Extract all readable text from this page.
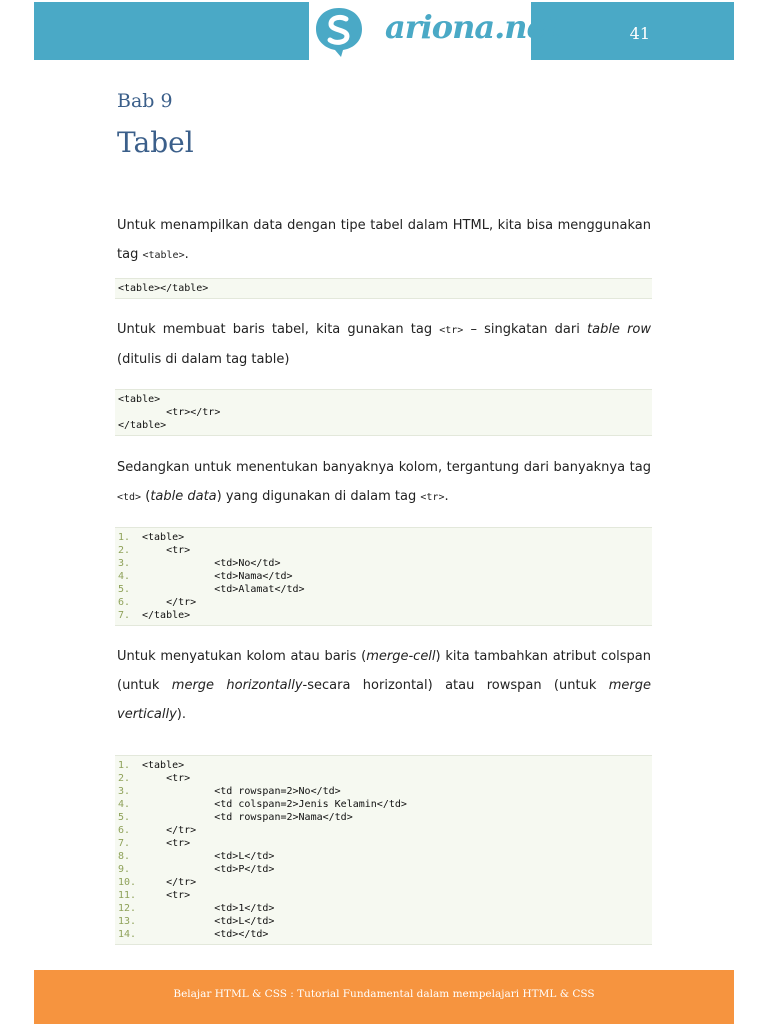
ariona.net	41
Bab 9
Tabel
Untuk menampilkan data dengan tipe tabel dalam HTML, kita bisa menggunakan tag <table>.
<table></table>
Untuk membuat baris tabel, kita gunakan tag <tr> – singkatan dari table row (ditulis di dalam tag table)
<table>
<tr></tr>
</table>
Sedangkan untuk menentukan banyaknya kolom, tergantung dari banyaknya tag <td> (table data) yang digunakan di dalam tag <tr>.
1. <table>
2.    <tr>
3.            <td>No</td>
4.            <td>Nama</td>
5.            <td>Alamat</td>
6.    </tr>
7. </table>
Untuk menyatukan kolom atau baris (merge-cell) kita tambahkan atribut colspan (untuk merge horizontally-secara horizontal) atau rowspan (untuk merge vertically).
1. <table>
2.    <tr>
3.            <td rowspan=2>No</td>
4.            <td colspan=2>Jenis Kelamin</td>
5.            <td rowspan=2>Nama</td>
6.    </tr>
7.    <tr>
8.            <td>L</td>
9.            <td>P</td>
10.    </tr>
11.    <tr>
12.            <td>1</td>
13.            <td>L</td>
14.            <td></td>
Belajar HTML & CSS : Tutorial Fundamental dalam mempelajari HTML & CSS
